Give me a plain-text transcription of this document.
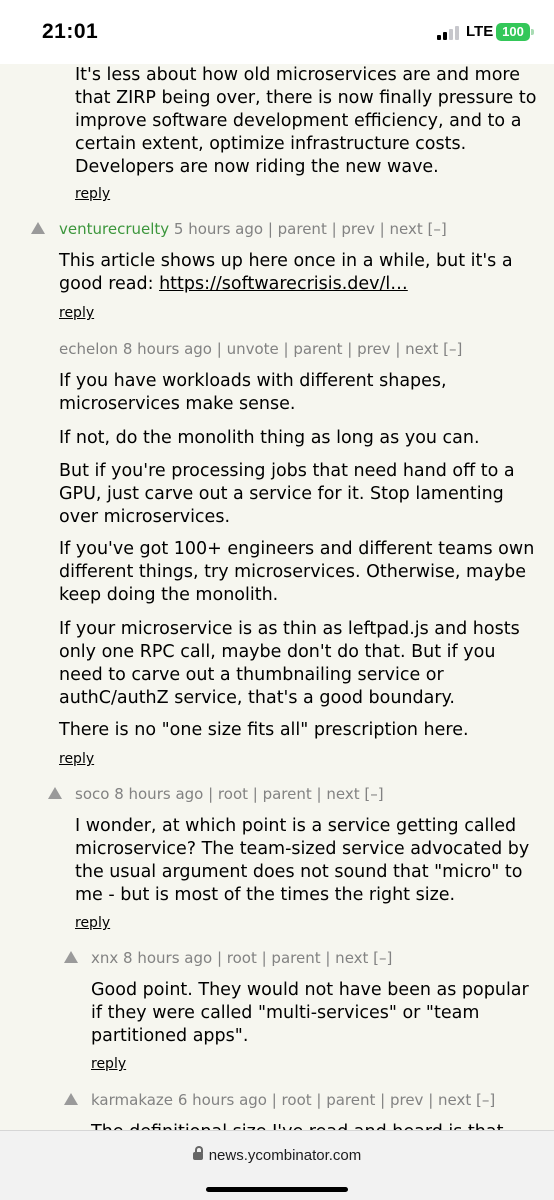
21:01	LTE 100
It's less about how old microservices are and more that ZIRP being over, there is now finally pressure to improve software development efficiency, and to a certain extent, optimize infrastructure costs. Developers are now riding the new wave.
reply
venturecruelty 5 hours ago | parent | prev | next [–]
This article shows up here once in a while, but it's a good read: https://softwarecrisis.dev/l…
reply
echelon 8 hours ago | unvote | parent | prev | next [–]
If you have workloads with different shapes, microservices make sense.
If not, do the monolith thing as long as you can.
But if you're processing jobs that need hand off to a GPU, just carve out a service for it. Stop lamenting over microservices.
If you've got 100+ engineers and different teams own different things, try microservices. Otherwise, maybe keep doing the monolith.
If your microservice is as thin as leftpad.js and hosts only one RPC call, maybe don't do that. But if you need to carve out a thumbnailing service or authC/authZ service, that's a good boundary.
There is no "one size fits all" prescription here.
reply
soco 8 hours ago | root | parent | next [–]
I wonder, at which point is a service getting called microservice? The team-sized service advocated by the usual argument does not sound that "micro" to me - but is most of the times the right size.
reply
xnx 8 hours ago | root | parent | next [–]
Good point. They would not have been as popular if they were called "multi-services" or "team partitioned apps".
reply
karmakaze 6 hours ago | root | parent | prev | next [–]
news.ycombinator.com
